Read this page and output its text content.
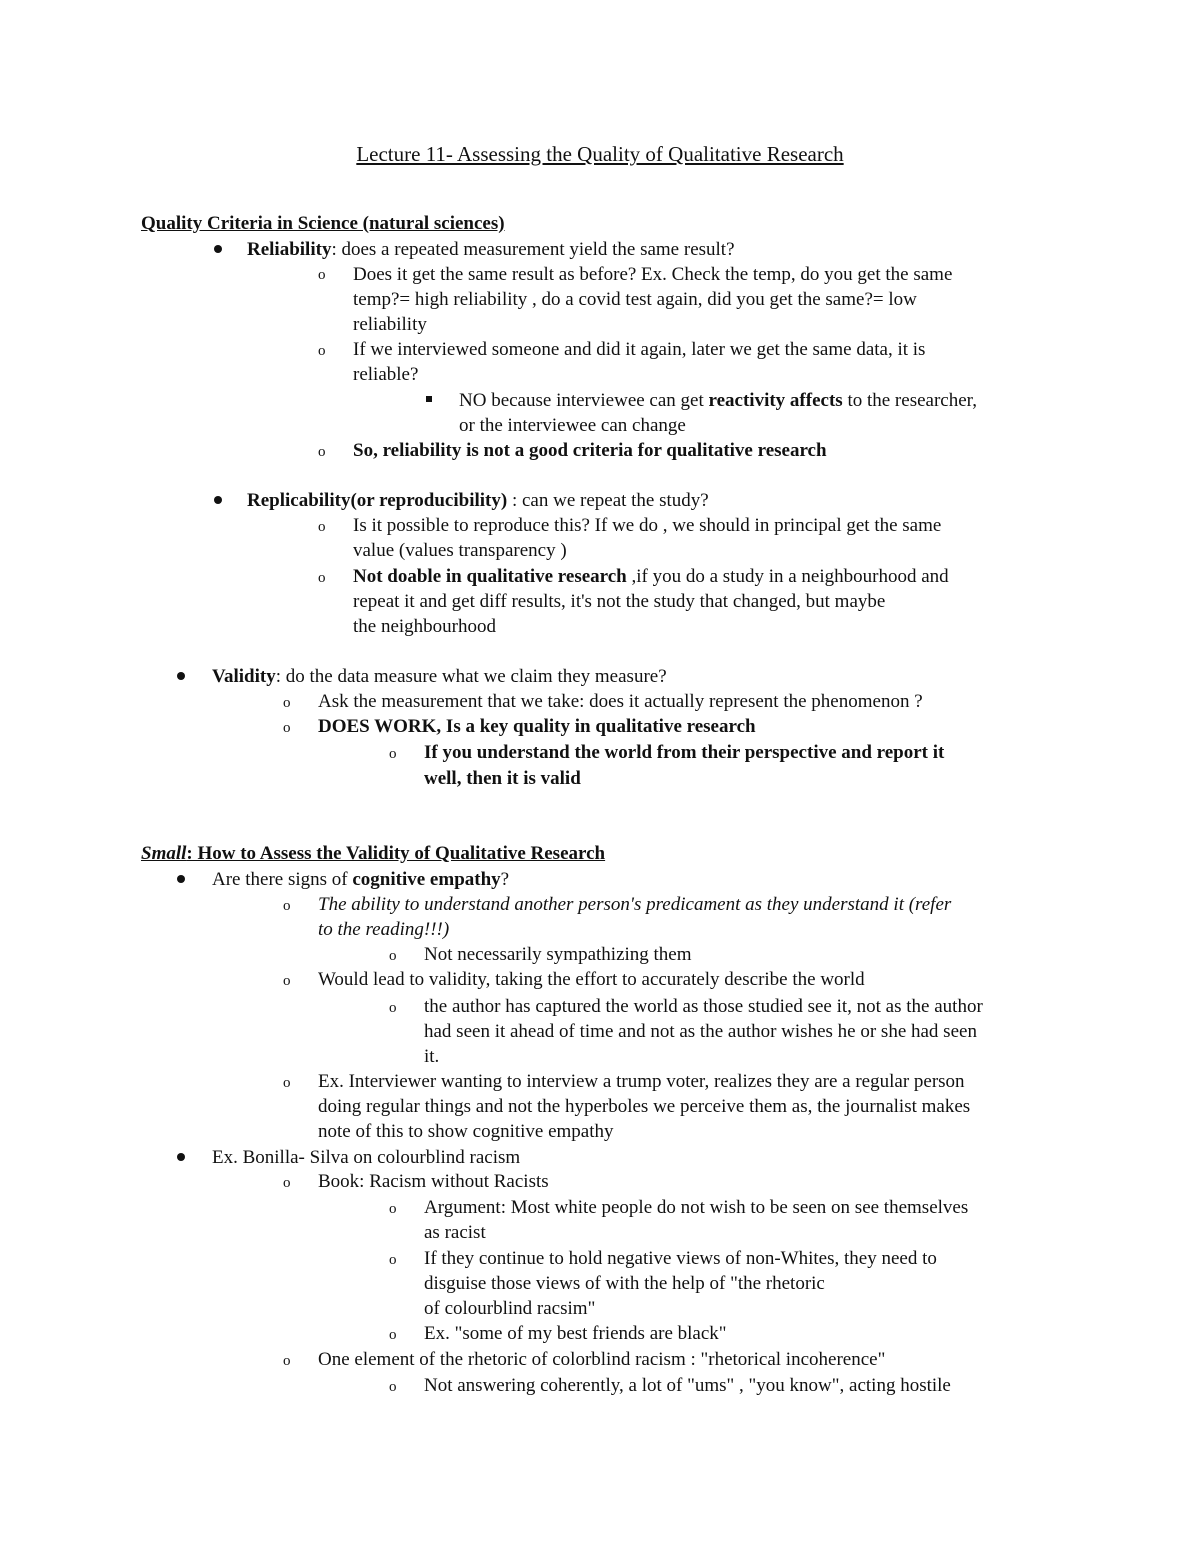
Lecture 11- Assessing the Quality of Qualitative Research
Quality Criteria in Science (natural sciences)
Reliability: does a repeated measurement yield the same result?
o Does it get the same result as before? Ex. Check the temp, do you get the same
temp?= high reliability , do a covid test again, did you get the same?= low
reliability
o If we interviewed someone and did it again, later we get the same data, it is
reliable?
NO because interviewee can get reactivity affects to the researcher,
or the interviewee can change
o So, reliability is not a good criteria for qualitative research
Replicability(or reproducibility) : can we repeat the study?
o Is it possible to reproduce this? If we do , we should in principal get the same
value (values transparency )
o Not doable in qualitative research ,if you do a study in a neighbourhood and
repeat it and get diff results, it's not the study that changed, but maybe
the neighbourhood
Validity: do the data measure what we claim they measure?
o Ask the measurement that we take: does it actually represent the phenomenon ?
o DOES WORK, Is a key quality in qualitative research
o If you understand the world from their perspective and report it
well, then it is valid
Small: How to Assess the Validity of Qualitative Research
Are there signs of cognitive empathy?
o The ability to understand another person's predicament as they understand it (refer
to the reading!!!)
o Not necessarily sympathizing them
o Would lead to validity, taking the effort to accurately describe the world
o the author has captured the world as those studied see it, not as the author
had seen it ahead of time and not as the author wishes he or she had seen
it.
o Ex. Interviewer wanting to interview a trump voter, realizes they are a regular person
doing regular things and not the hyperboles we perceive them as, the journalist makes
note of this to show cognitive empathy
Ex. Bonilla- Silva on colourblind racism
o Book: Racism without Racists
o Argument: Most white people do not wish to be seen on see themselves
as racist
o If they continue to hold negative views of non-Whites, they need to
disguise those views of with the help of "the rhetoric
of colourblind racsim"
o Ex. "some of my best friends are black"
o One element of the rhetoric of colorblind racism : "rhetorical incoherence"
o Not answering coherently, a lot of "ums" , "you know", acting hostile
